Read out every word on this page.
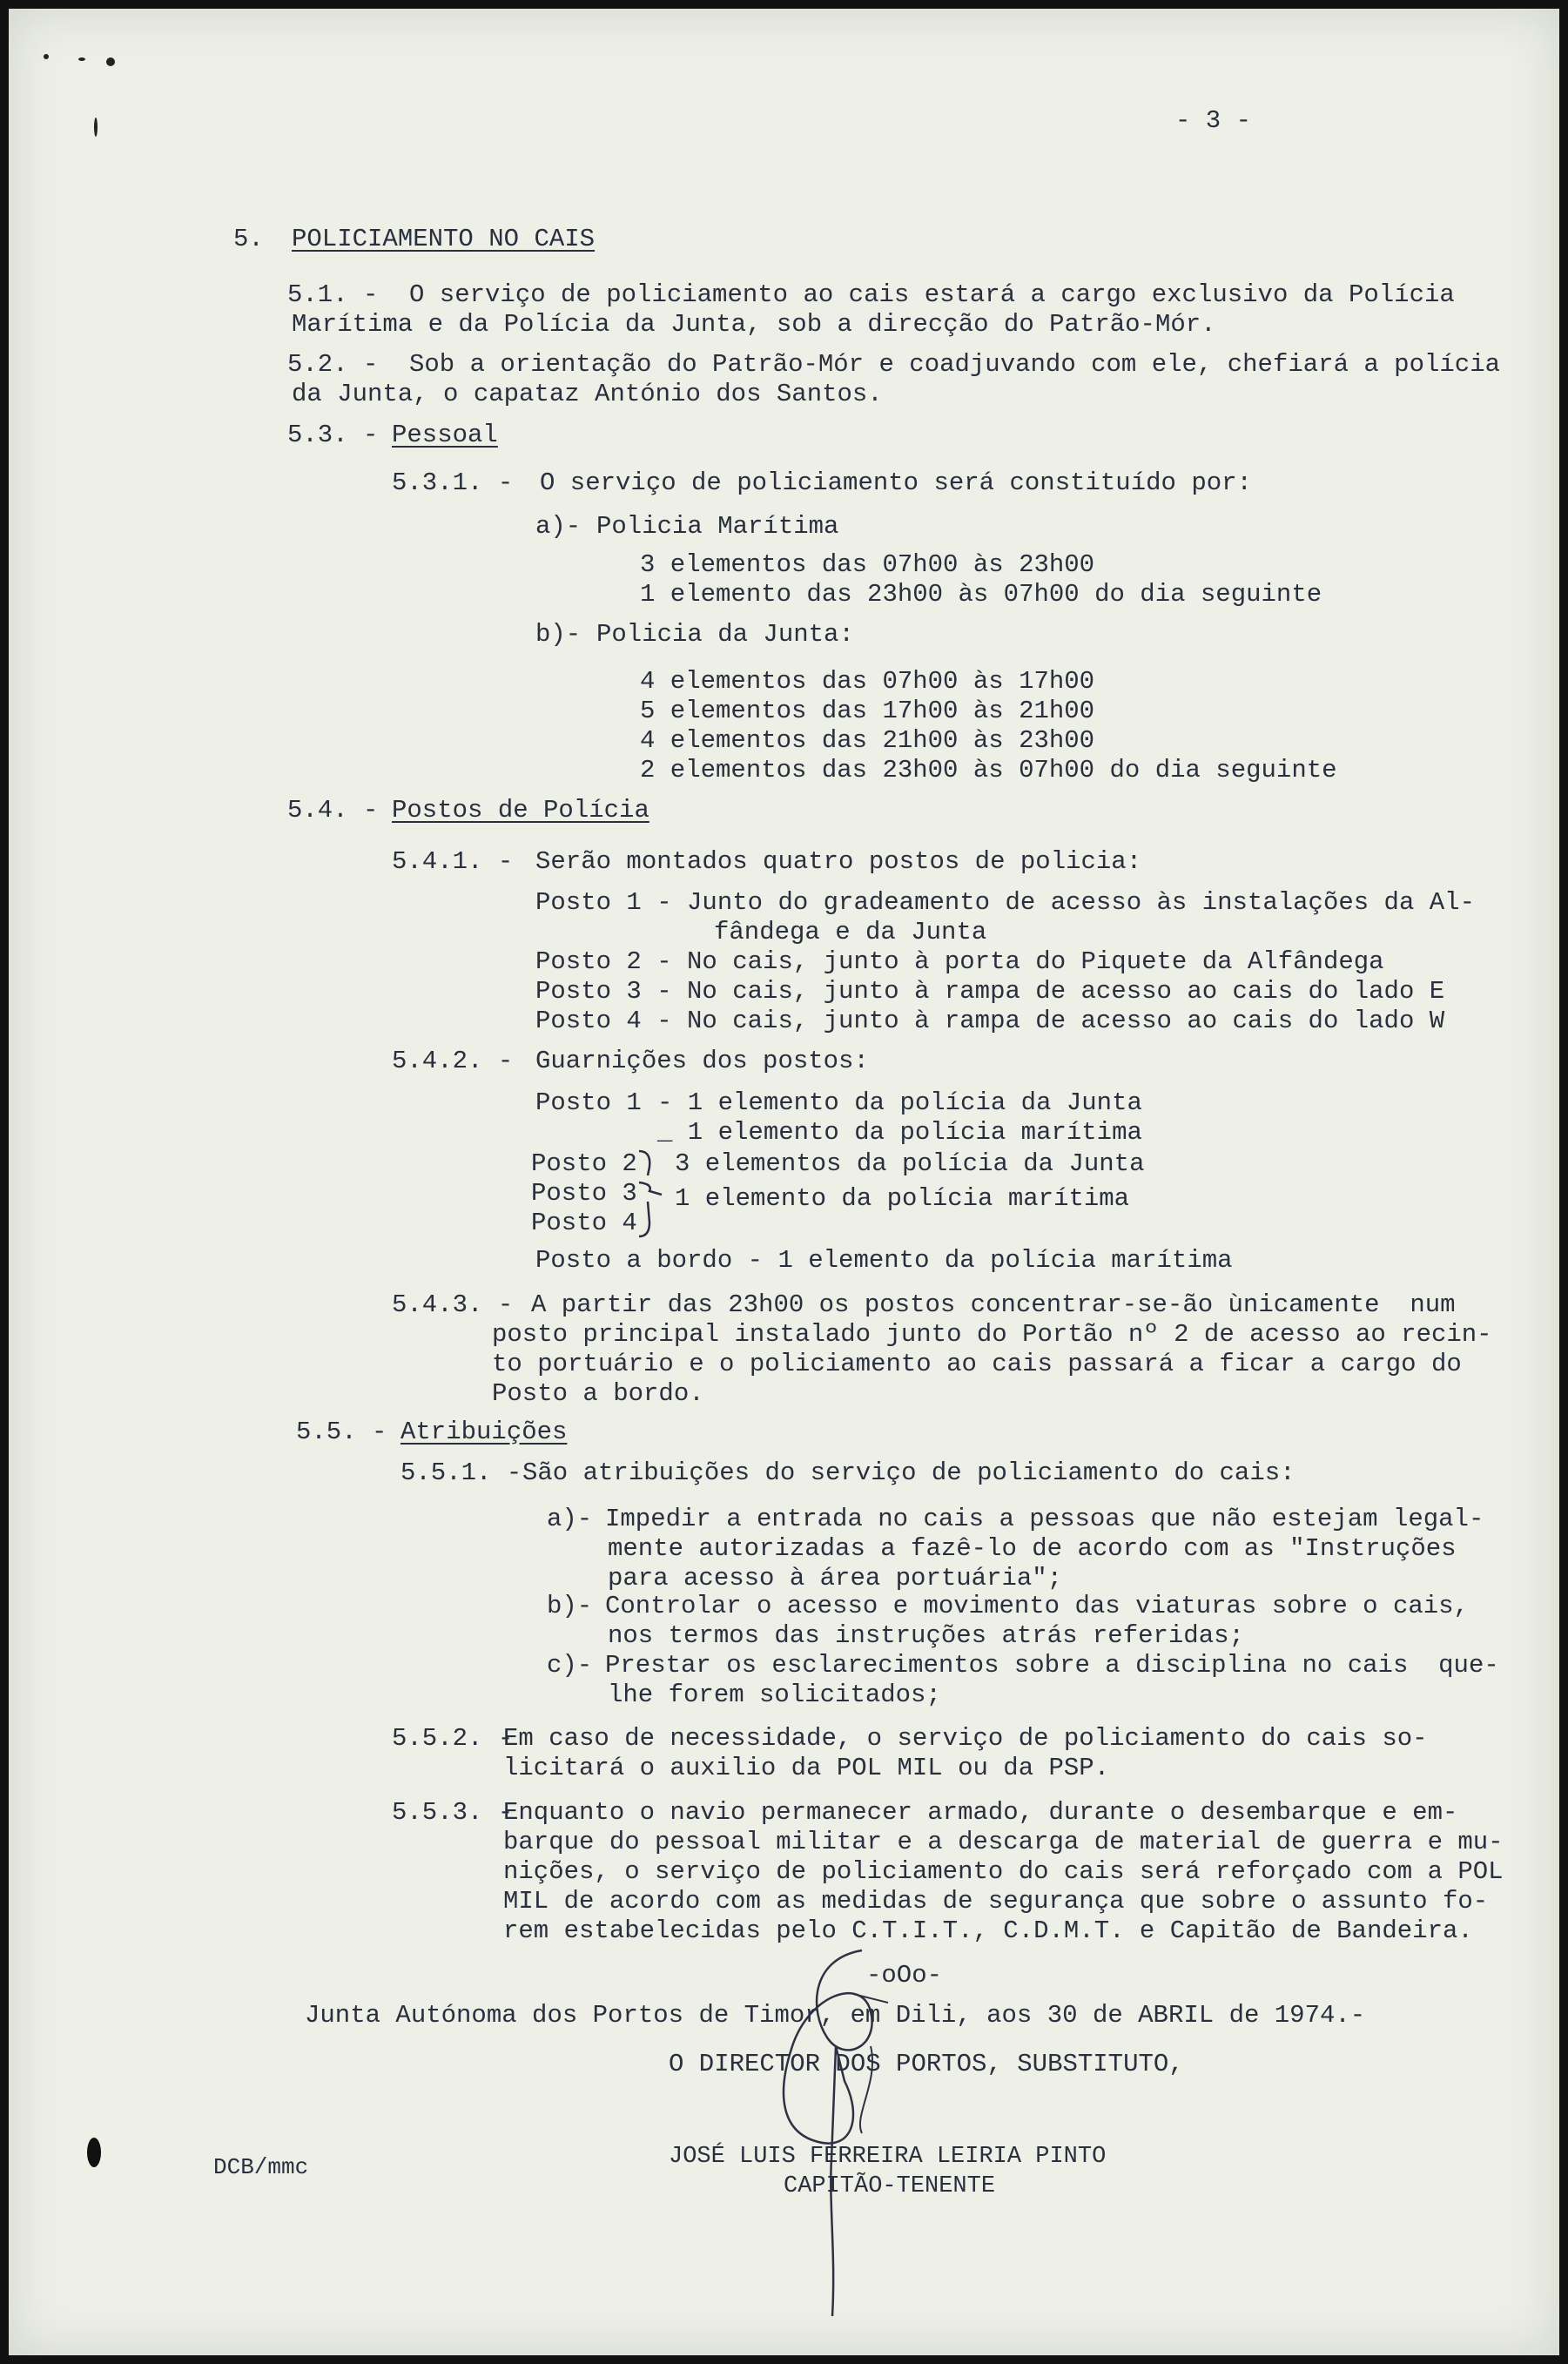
- 3 -
5. POLICIAMENTO NO CAIS
5.1. - O serviço de policiamento ao cais estará a cargo exclusivo da Polícia
Marítima e da Polícia da Junta, sob a direcção do Patrão-Mór.
5.2. - Sob a orientação do Patrão-Mór e coadjuvando com ele, chefiará a polícia
da Junta, o capataz António dos Santos.
5.3. - Pessoal
5.3.1. - O serviço de policiamento será constituído por:
a)- Policia Marítima
3 elementos das 07h00 às 23h00
1 elemento das 23h00 às 07h00 do dia seguinte
b)- Policia da Junta:
4 elementos das 07h00 às 17h00
5 elementos das 17h00 às 21h00
4 elementos das 21h00 às 23h00
2 elementos das 23h00 às 07h00 do dia seguinte
5.4. - Postos de Polícia
5.4.1. - Serão montados quatro postos de policia:
Posto 1 - Junto do gradeamento de acesso às instalações da Al-
fândega e da Junta
Posto 2 - No cais, junto à porta do Piquete da Alfândega
Posto 3 - No cais, junto à rampa de acesso ao cais do lado E
Posto 4 - No cais, junto à rampa de acesso ao cais do lado W
5.4.2. - Guarnições dos postos:
Posto 1 - 1 elemento da polícia da Junta
_ 1 elemento da polícia marítima
Posto 2
Posto 3
Posto 4
3 elementos da polícia da Junta
1 elemento da polícia marítima
Posto a bordo - 1 elemento da polícia marítima
5.4.3. - A partir das 23h00 os postos concentrar-se-ão ùnicamente  num
posto principal instalado junto do Portão nº 2 de acesso ao recin-
to portuário e o policiamento ao cais passará a ficar a cargo do
Posto a bordo.
5.5. - Atribuições
5.5.1. - São atribuições do serviço de policiamento do cais:
a)- Impedir a entrada no cais a pessoas que não estejam legal-
mente autorizadas a fazê-lo de acordo com as "Instruções
para acesso à área portuária";
b)- Controlar o acesso e movimento das viaturas sobre o cais,
nos termos das instruções atrás referidas;
c)- Prestar os esclarecimentos sobre a disciplina no cais  que-
lhe forem solicitados;
5.5.2. -
Em caso de necessidade, o serviço de policiamento do cais so-
licitará o auxilio da POL MIL ou da PSP.
5.5.3. -
Enquanto o navio permanecer armado, durante o desembarque e em-
barque do pessoal militar e a descarga de material de guerra e mu-
nições, o serviço de policiamento do cais será reforçado com a POL
MIL de acordo com as medidas de segurança que sobre o assunto fo-
rem estabelecidas pelo C.T.I.T., C.D.M.T. e Capitão de Bandeira.
-oOo-
Junta Autónoma dos Portos de Timor, em Dili, aos 30 de ABRIL de 1974.-
O DIRECTOR DOS PORTOS, SUBSTITUTO,
JOSÉ LUIS FERREIRA LEIRIA PINTO
CAPITÃO-TENENTE
DCB/mmc
